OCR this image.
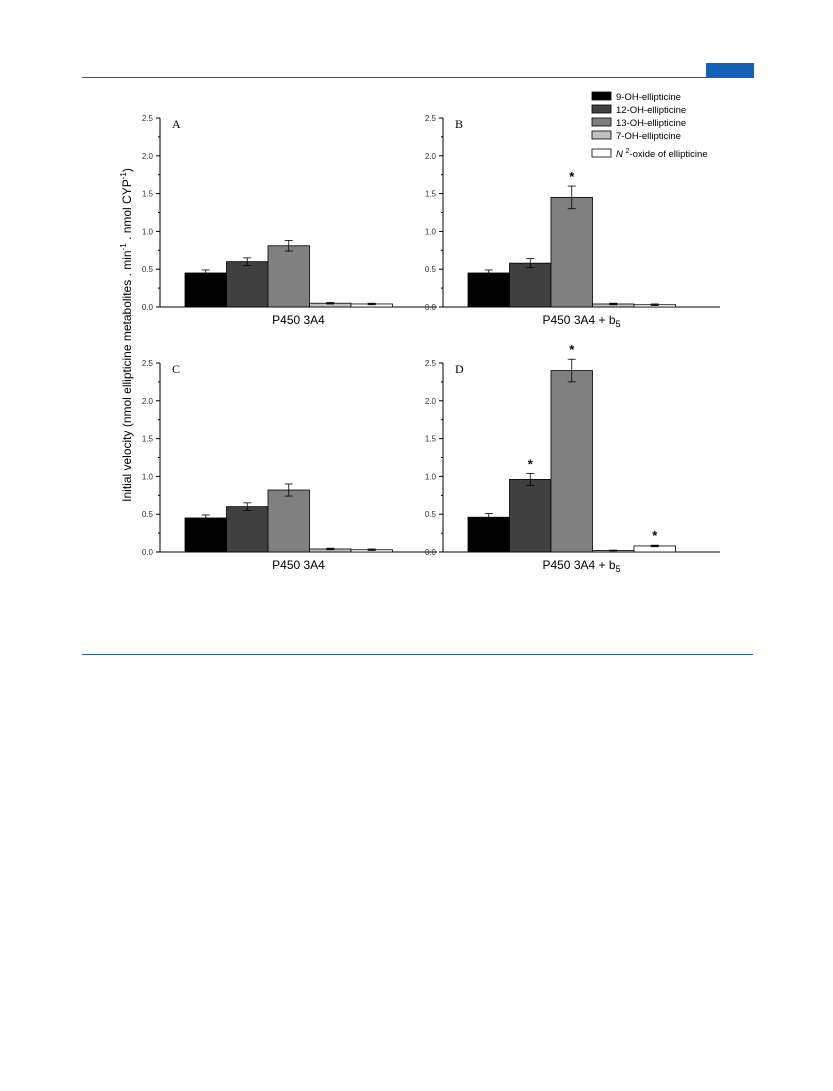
Initial velocity (nmol ellipticine metabolites . $\min^{-1}$ . nmol $CYP^{-1}$)
0.0
0.5
1.0
1.5
2.0
2.5 A
P450 3A4
0.0
0.5
1.0
1.5
2.0
2.5 B
*
P450 $3A4 + b_5$
0.0
0.5
1.0
1.5
2.0
2.5 C
P450 3A4
0.0
0.5
1.0
1.5
2.0
2.5 D
*
*
*
P450 $3A4 + b_5$
9-OH-ellipticine
12-OH-ellipticine
13-OH-ellipticine
7-OH-ellipticine
N $^2$-oxide of ellipticine
